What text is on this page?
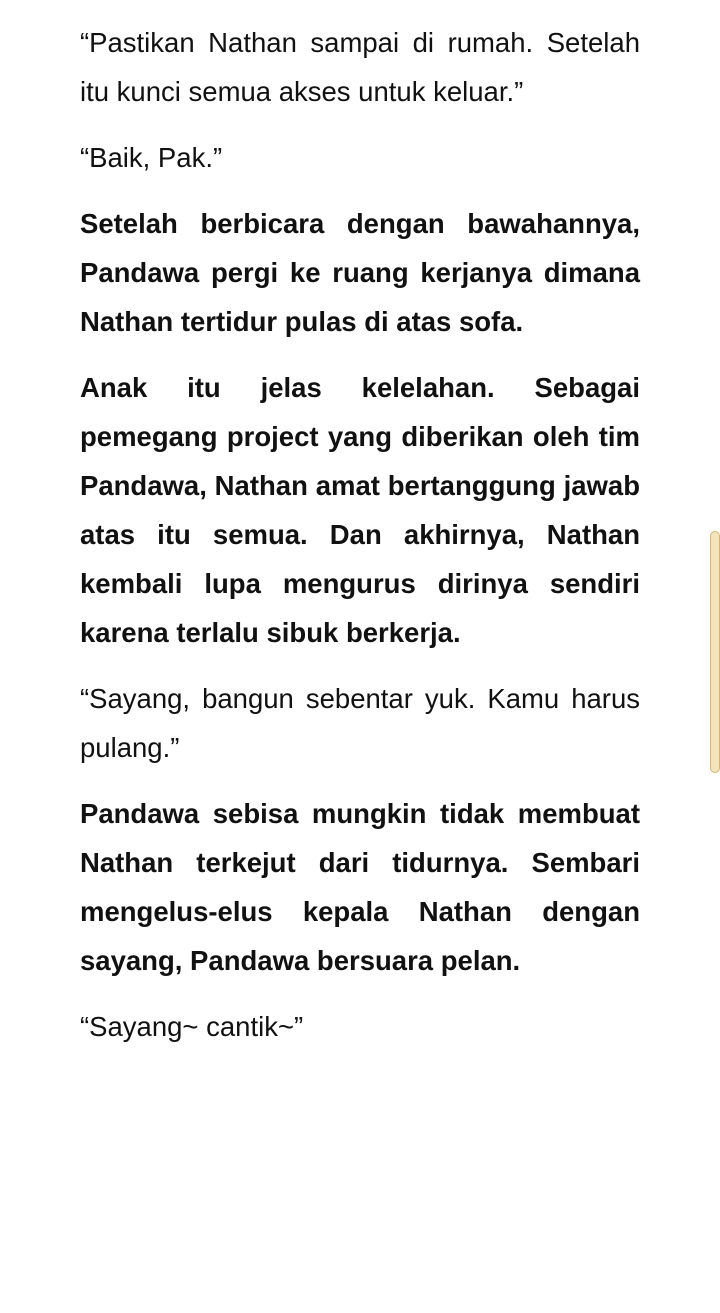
“Pastikan Nathan sampai di rumah. Setelah itu kunci semua akses untuk keluar.”

“Baik, Pak.”

Setelah berbicara dengan bawahannya, Pandawa pergi ke ruang kerjanya dimana Nathan tertidur pulas di atas sofa.

Anak itu jelas kelelahan. Sebagai pemegang project yang diberikan oleh tim Pandawa, Nathan amat bertanggung jawab atas itu semua. Dan akhirnya, Nathan kembali lupa mengurus dirinya sendiri karena terlalu sibuk berkerja.

“Sayang, bangun sebentar yuk. Kamu harus pulang.”

Pandawa sebisa mungkin tidak membuat Nathan terkejut dari tidurnya. Sembari mengelus-elus kepala Nathan dengan sayang, Pandawa bersuara pelan.

“Sayang~ cantik~”
